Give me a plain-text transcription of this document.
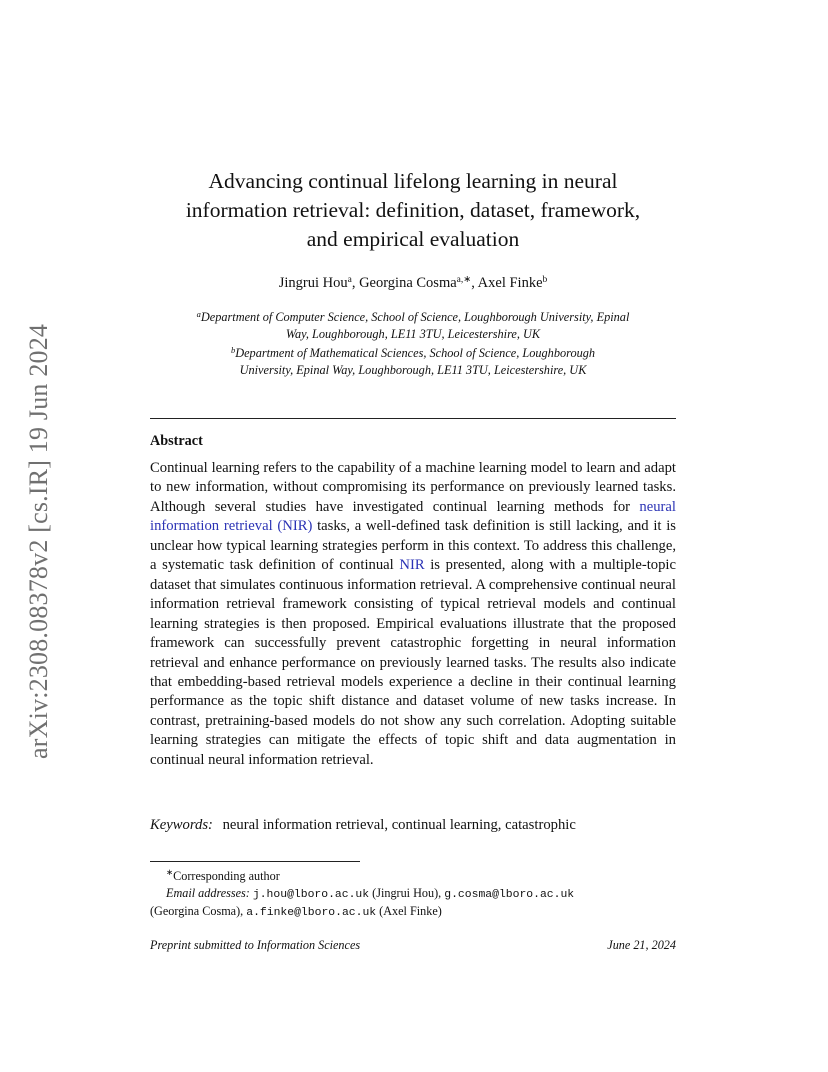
arXiv:2308.08378v2 [cs.IR] 19 Jun 2024
Advancing continual lifelong learning in neural
information retrieval: definition, dataset, framework,
and empirical evaluation
Jingrui Hou$^a$, Georgina Cosma$^{a,∗}$, Axel Finke$^b$
$^a$Department of Computer Science, School of Science, Loughborough University, Epinal
Way, Loughborough, LE11 3TU, Leicestershire, UK
$^b$Department of Mathematical Sciences, School of Science, Loughborough
University, Epinal Way, Loughborough, LE11 3TU, Leicestershire, UK
Abstract
Continual learning refers to the capability of a machine learning model to learn and adapt to new information, without compromising its performance on previously learned tasks. Although several studies have investigated continual learning methods for neural information retrieval (NIR) tasks, a well-defined task definition is still lacking, and it is unclear how typical learning strategies perform in this context. To address this challenge, a systematic task definition of continual NIR is presented, along with a multiple-topic dataset that simulates continuous information retrieval. A comprehensive continual neural information retrieval framework consisting of typical retrieval models and continual learning strategies is then proposed. Empirical evaluations illustrate that the proposed framework can successfully prevent catastrophic forgetting in neural information retrieval and enhance performance on previously learned tasks. The results also indicate that embedding-based retrieval models experience a decline in their continual learning performance as the topic shift distance and dataset volume of new tasks increase. In contrast, pretraining-based models do not show any such correlation. Adopting suitable learning strategies can mitigate the effects of topic shift and data augmentation in continual neural information retrieval.
Keywords: neural information retrieval, continual learning, catastrophic
∗Corresponding author
Email addresses: j.hou@lboro.ac.uk (Jingrui Hou), g.cosma@lboro.ac.uk
(Georgina Cosma), a.finke@lboro.ac.uk (Axel Finke)
Preprint submitted to Information Sciences	June 21, 2024
